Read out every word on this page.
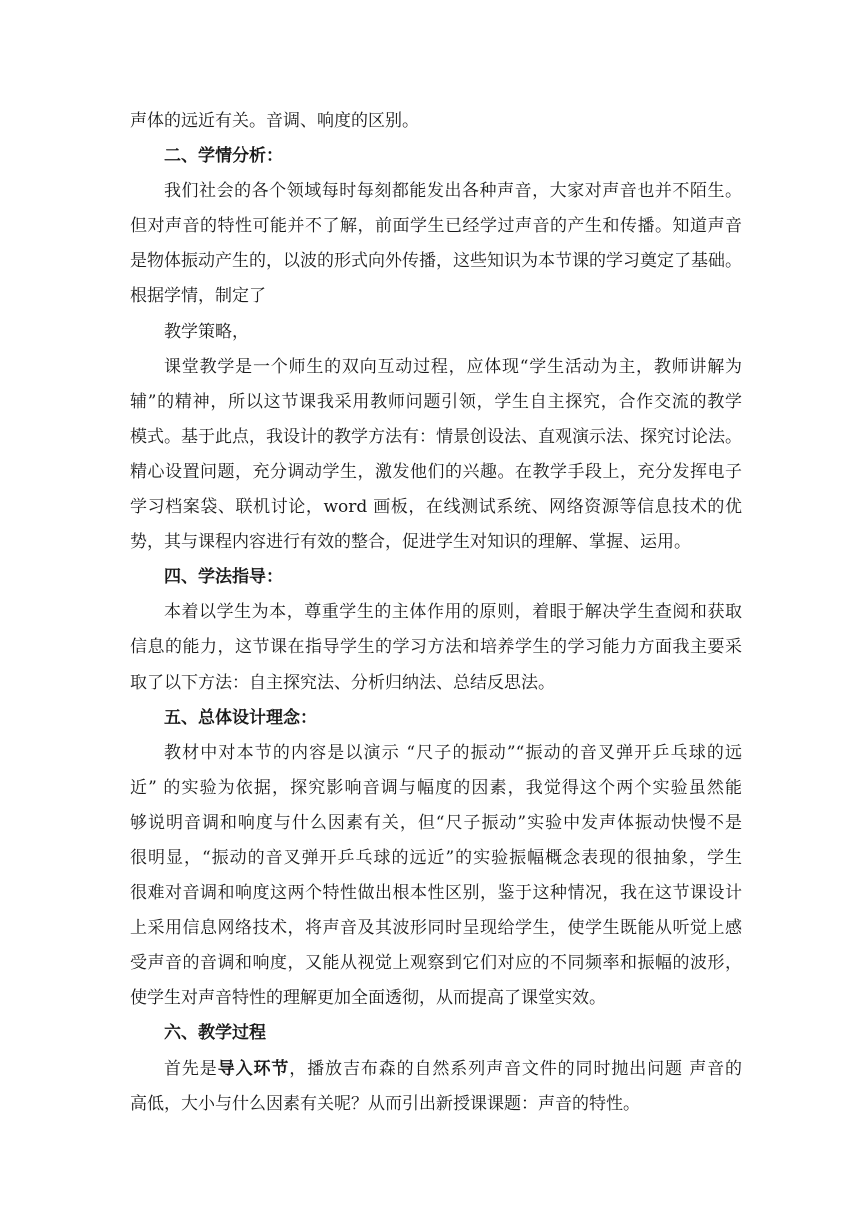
声体的远近有关。音调、响度的区别。
二、学情分析：
我们社会的各个领域每时每刻都能发出各种声音，大家对声音也并不陌生。
但对声音的特性可能并不了解，前面学生已经学过声音的产生和传播。知道声音
是物体振动产生的，以波的形式向外传播，这些知识为本节课的学习奠定了基础。
根据学情，制定了
教学策略，
课堂教学是一个师生的双向互动过程，应体现“学生活动为主，教师讲解为
辅”的精神，所以这节课我采用教师问题引领，学生自主探究，合作交流的教学
模式。基于此点，我设计的教学方法有：情景创设法、直观演示法、探究讨论法。
精心设置问题，充分调动学生，激发他们的兴趣。在教学手段上，充分发挥电子
学习档案袋、联机讨论，word 画板，在线测试系统、网络资源等信息技术的优
势，其与课程内容进行有效的整合，促进学生对知识的理解、掌握、运用。
四、学法指导：
本着以学生为本，尊重学生的主体作用的原则，着眼于解决学生查阅和获取
信息的能力，这节课在指导学生的学习方法和培养学生的学习能力方面我主要采
取了以下方法：自主探究法、分析归纳法、总结反思法。
五、总体设计理念：
教材中对本节的内容是以演示 “尺子的振动”“振动的音叉弹开乒乓球的远
近” 的实验为依据，探究影响音调与幅度的因素，我觉得这个两个实验虽然能
够说明音调和响度与什么因素有关，但“尺子振动”实验中发声体振动快慢不是
很明显，“振动的音叉弹开乒乓球的远近”的实验振幅概念表现的很抽象，学生
很难对音调和响度这两个特性做出根本性区别，鉴于这种情况，我在这节课设计
上采用信息网络技术，将声音及其波形同时呈现给学生，使学生既能从听觉上感
受声音的音调和响度，又能从视觉上观察到它们对应的不同频率和振幅的波形，
使学生对声音特性的理解更加全面透彻，从而提高了课堂实效。
六、教学过程
首先是导入环节，播放吉布森的自然系列声音文件的同时抛出问题 声音的
高低，大小与什么因素有关呢？从而引出新授课课题：声音的特性。
